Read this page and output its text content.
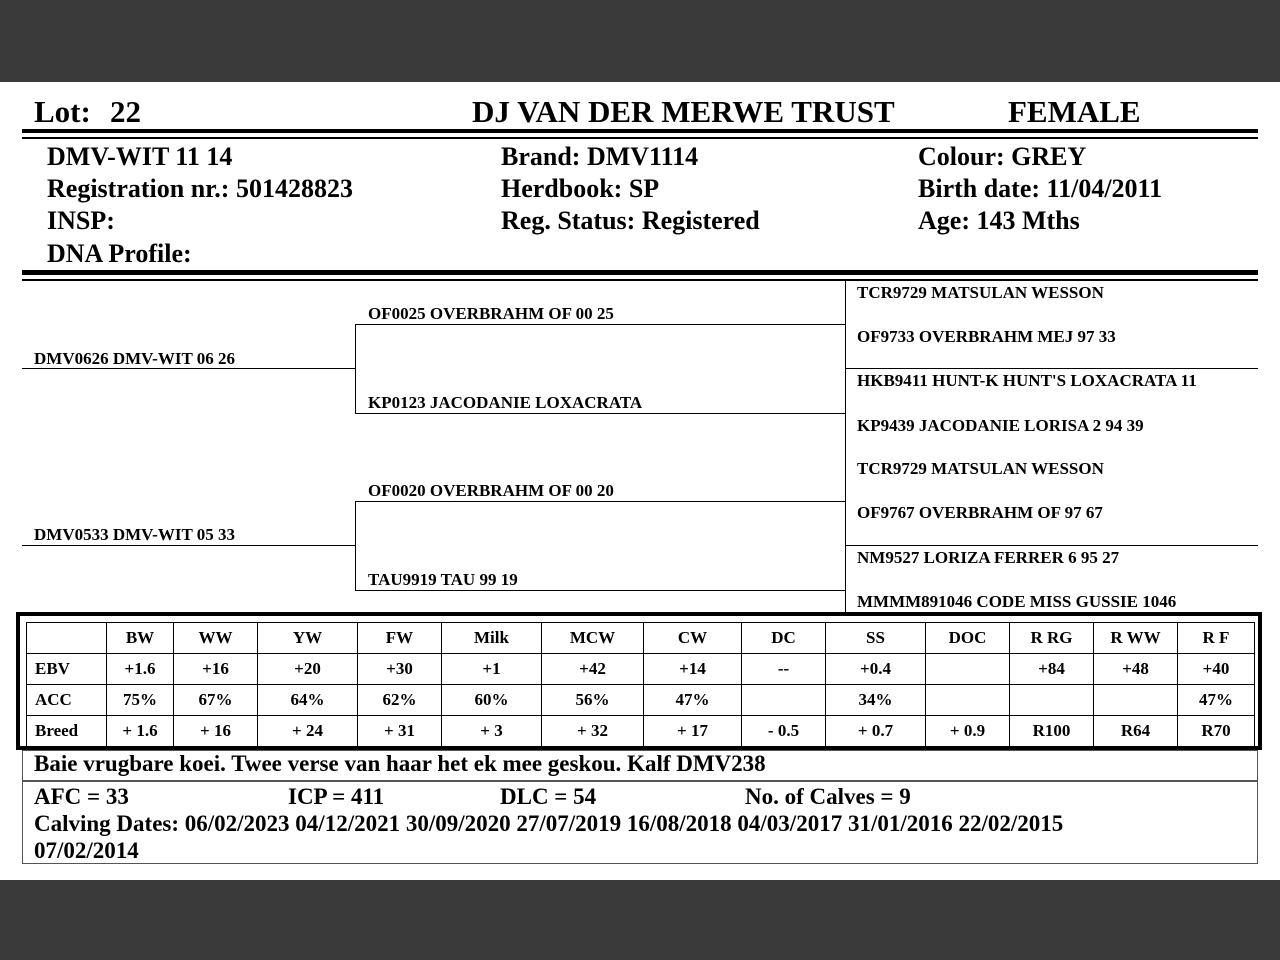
Lot: 22	DJ VAN DER MERWE TRUST	FEMALE
DMV-WIT 11 14
Registration nr.: 501428823
INSP:
DNA Profile:
Brand: DMV1114
Herdbook: SP
Reg. Status: Registered
Colour: GREY
Birth date: 11/04/2011
Age: 143 Mths
DMV0626 DMV-WIT 06 26
OF0025 OVERBRAHM OF 00 25
KP0123 JACODANIE LOXACRATA
TCR9729 MATSULAN WESSON
OF9733 OVERBRAHM MEJ 97 33
HKB9411 HUNT-K HUNT'S LOXACRATA 11
KP9439 JACODANIE LORISA 2 94 39
DMV0533 DMV-WIT 05 33
OF0020 OVERBRAHM OF 00 20
TAU9919 TAU 99 19
TCR9729 MATSULAN WESSON
OF9767 OVERBRAHM OF 97 67
NM9527 LORIZA FERRER 6 95 27
MMMM891046 CODE MISS GUSSIE 1046
	BW	WW	YW	FW	Milk	MCW	CW	DC	SS	DOC	R RG	R WW	R F
EBV	+1.6	+16	+20	+30	+1	+42	+14	--	+0.4		+84	+48	+40
ACC	75%	67%	64%	62%	60%	56%	47%		34%				47%
Breed	+ 1.6	+ 16	+ 24	+ 31	+ 3	+ 32	+ 17	- 0.5	+ 0.7	+ 0.9	R100	R64	R70
Baie vrugbare koei. Twee verse van haar het ek mee geskou. Kalf DMV238
AFC = 33	ICP = 411	DLC = 54	No. of Calves = 9
Calving Dates: 06/02/2023 04/12/2021 30/09/2020 27/07/2019 16/08/2018 04/03/2017 31/01/2016 22/02/2015
07/02/2014
